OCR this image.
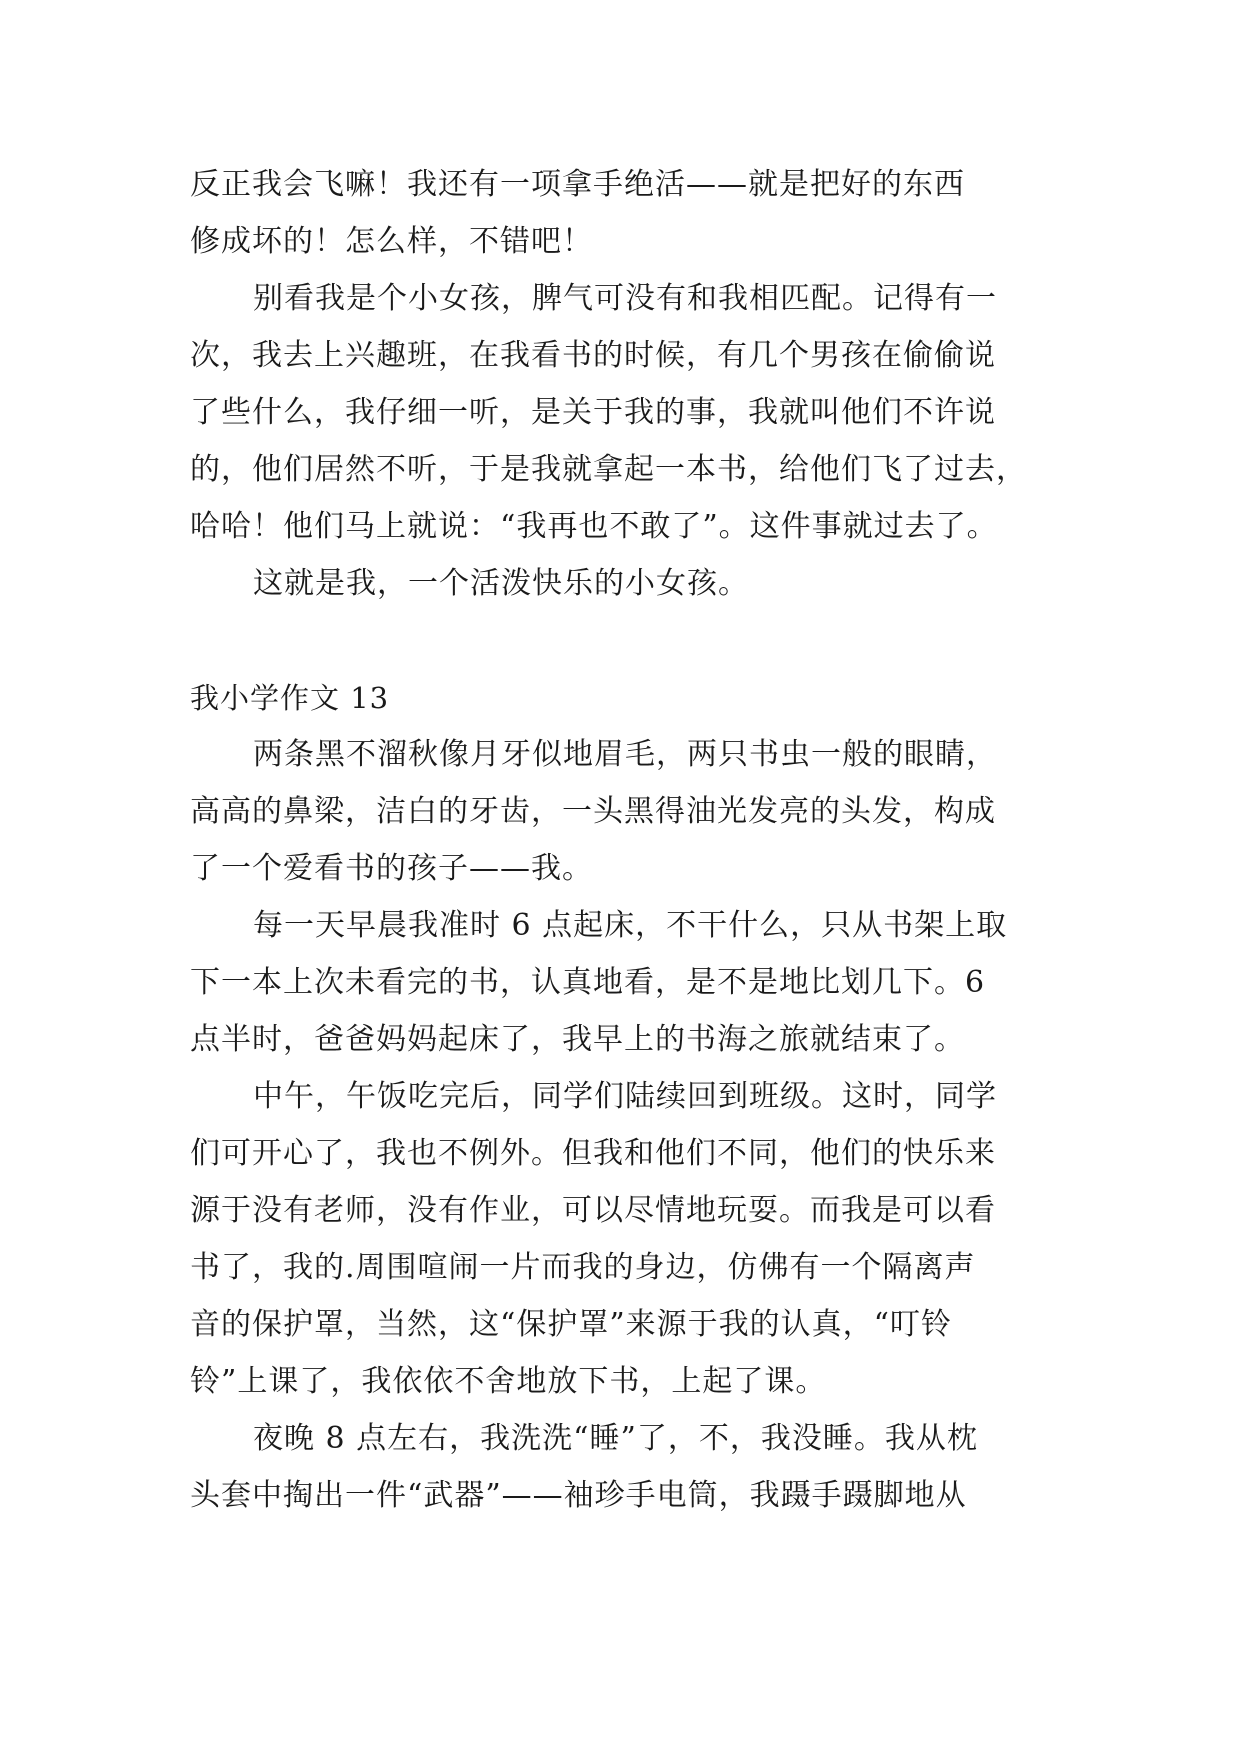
反正我会飞嘛！我还有一项拿手绝活——就是把好的东西
修成坏的！怎么样，不错吧！
别看我是个小女孩，脾气可没有和我相匹配。记得有一
次，我去上兴趣班，在我看书的时候，有几个男孩在偷偷说
了些什么，我仔细一听，是关于我的事，我就叫他们不许说
的，他们居然不听，于是我就拿起一本书，给他们飞了过去，
哈哈！他们马上就说：“我再也不敢了”。这件事就过去了。
这就是我，一个活泼快乐的小女孩。
我小学作文 13
两条黑不溜秋像月牙似地眉毛，两只书虫一般的眼睛，
高高的鼻梁，洁白的牙齿，一头黑得油光发亮的头发，构成
了一个爱看书的孩子——我。
每一天早晨我准时 6 点起床，不干什么，只从书架上取
下一本上次未看完的书，认真地看，是不是地比划几下。6
点半时，爸爸妈妈起床了，我早上的书海之旅就结束了。
中午，午饭吃完后，同学们陆续回到班级。这时，同学
们可开心了，我也不例外。但我和他们不同，他们的快乐来
源于没有老师，没有作业，可以尽情地玩耍。而我是可以看
书了，我的.周围喧闹一片而我的身边，仿佛有一个隔离声
音的保护罩，当然，这“保护罩”来源于我的认真，“叮铃
铃”上课了，我依依不舍地放下书，上起了课。
夜晚 8 点左右，我洗洗“睡”了，不，我没睡。我从枕
头套中掏出一件“武器”——袖珍手电筒，我蹑手蹑脚地从
